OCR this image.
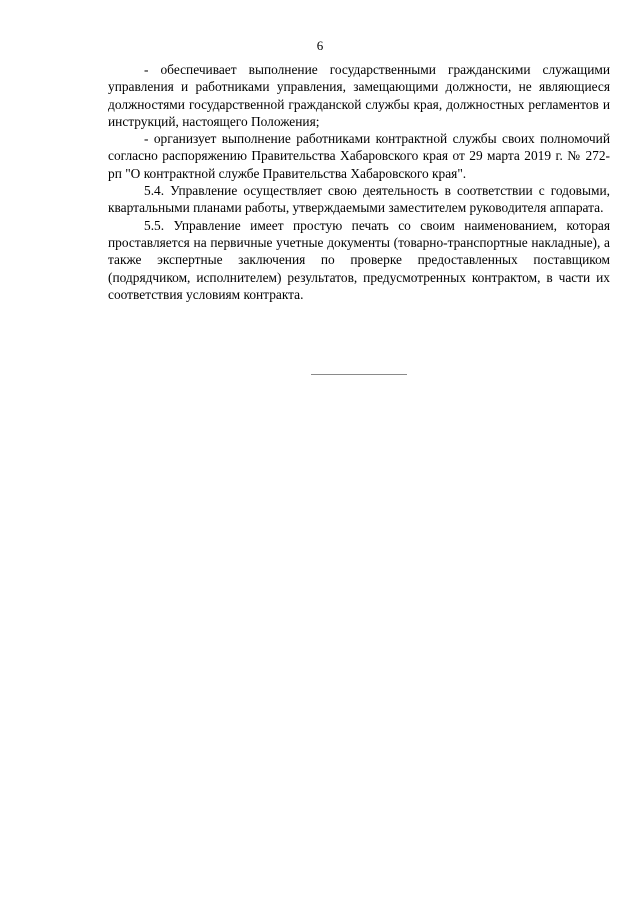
6

- обеспечивает выполнение государственными гражданскими служащими управления и работниками управления, замещающими должности, не являющиеся должностями государственной гражданской службы края, должностных регламентов и инструкций, настоящего Положения;

- организует выполнение работниками контрактной службы своих полномочий согласно распоряжению Правительства Хабаровского края от 29 марта 2019 г. № 272-рп "О контрактной службе Правительства Хабаровского края".

5.4. Управление осуществляет свою деятельность в соответствии с годовыми, квартальными планами работы, утверждаемыми заместителем руководителя аппарата.

5.5. Управление имеет простую печать со своим наименованием, которая проставляется на первичные учетные документы (товарно-транспортные накладные), а также экспертные заключения по проверке предоставленных поставщиком (подрядчиком, исполнителем) результатов, предусмотренных контрактом, в части их соответствия условиям контракта.
